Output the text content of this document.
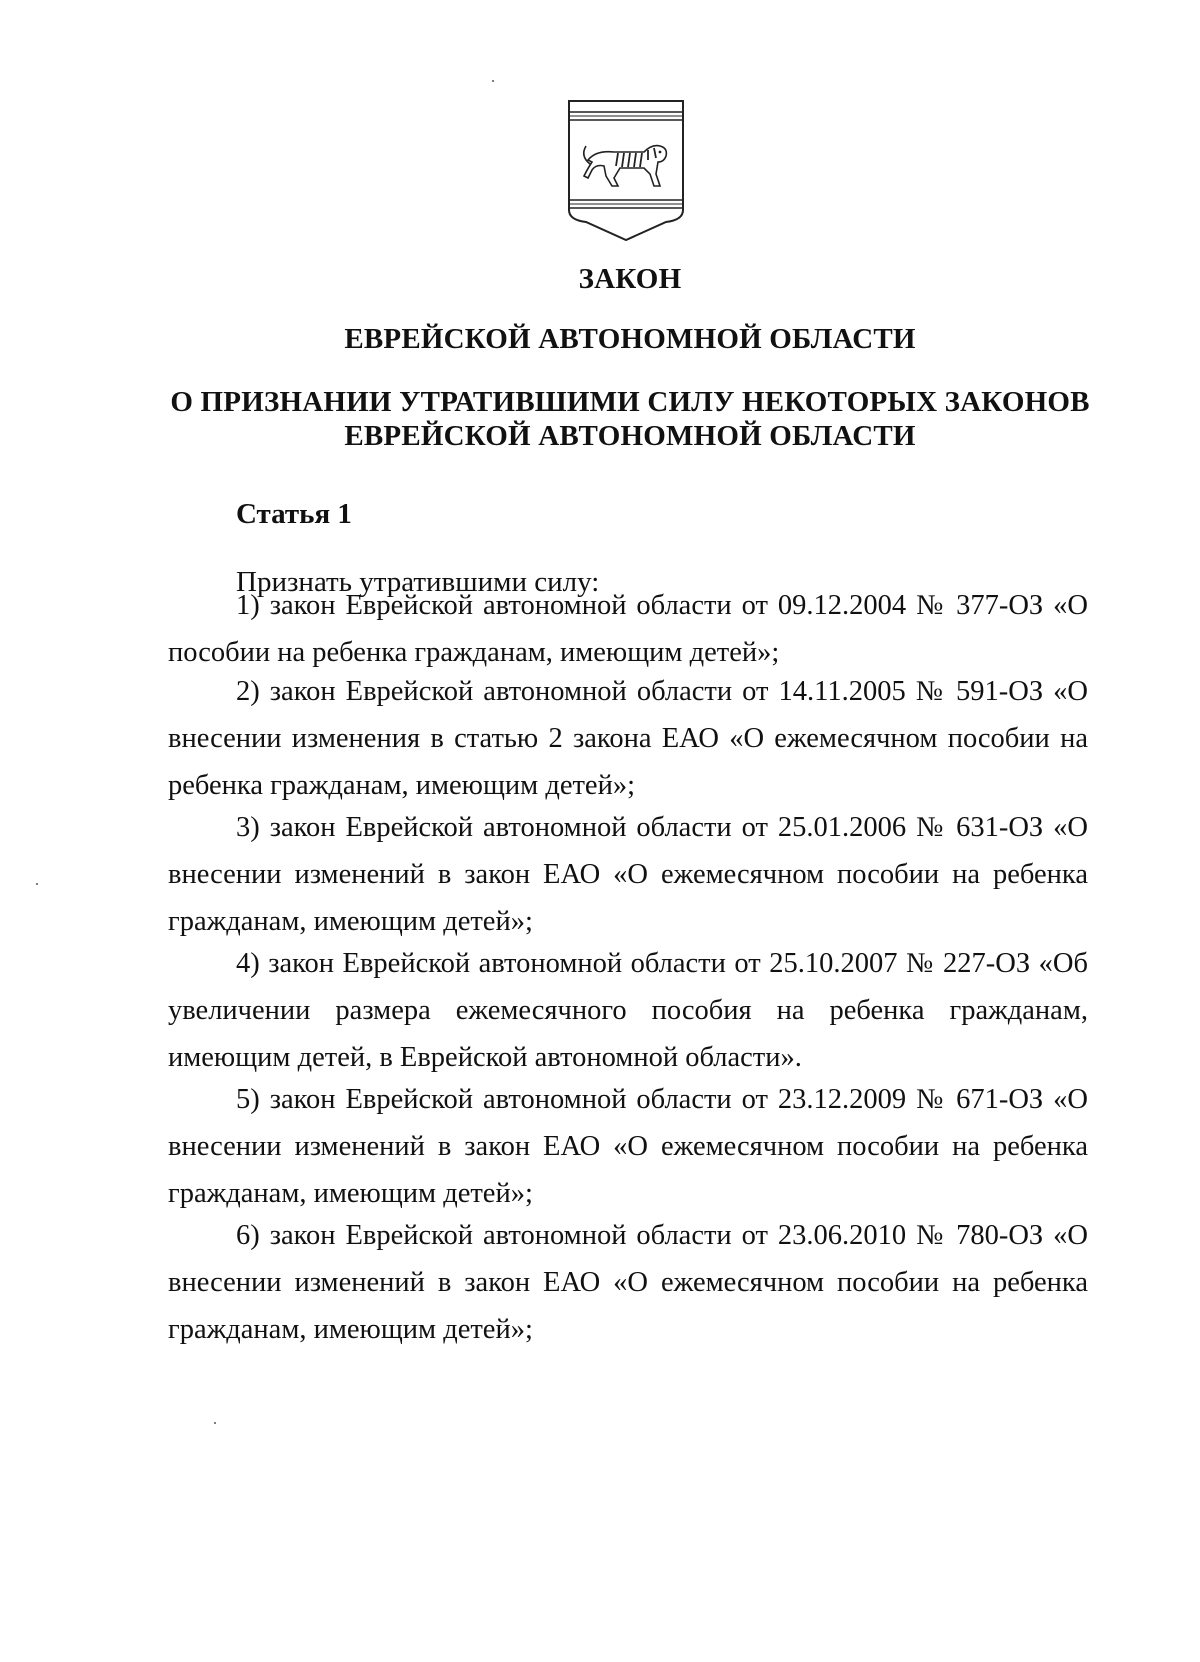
ЗАКОН
ЕВРЕЙСКОЙ АВТОНОМНОЙ ОБЛАСТИ
О ПРИЗНАНИИ УТРАТИВШИМИ СИЛУ НЕКОТОРЫХ ЗАКОНОВ
ЕВРЕЙСКОЙ АВТОНОМНОЙ ОБЛАСТИ
Статья 1
Признать утратившими силу:
1) закон Еврейской автономной области от 09.12.2004 № 377-ОЗ «О пособии на ребенка гражданам, имеющим детей»;
2) закон Еврейской автономной области от 14.11.2005 № 591-ОЗ «О внесении изменения в статью 2 закона ЕАО «О ежемесячном пособии на ребенка гражданам, имеющим детей»;
3) закон Еврейской автономной области от 25.01.2006 № 631-ОЗ «О внесении изменений в закон ЕАО «О ежемесячном пособии на ребенка гражданам, имеющим детей»;
4) закон Еврейской автономной области от 25.10.2007 № 227-ОЗ «Об увеличении размера ежемесячного пособия на ребенка гражданам, имеющим детей, в Еврейской автономной области».
5) закон Еврейской автономной области от 23.12.2009 № 671-ОЗ «О внесении изменений в закон ЕАО «О ежемесячном пособии на ребенка гражданам, имеющим детей»;
6) закон Еврейской автономной области от 23.06.2010 № 780-ОЗ «О внесении изменений в закон ЕАО «О ежемесячном пособии на ребенка гражданам, имеющим детей»;
